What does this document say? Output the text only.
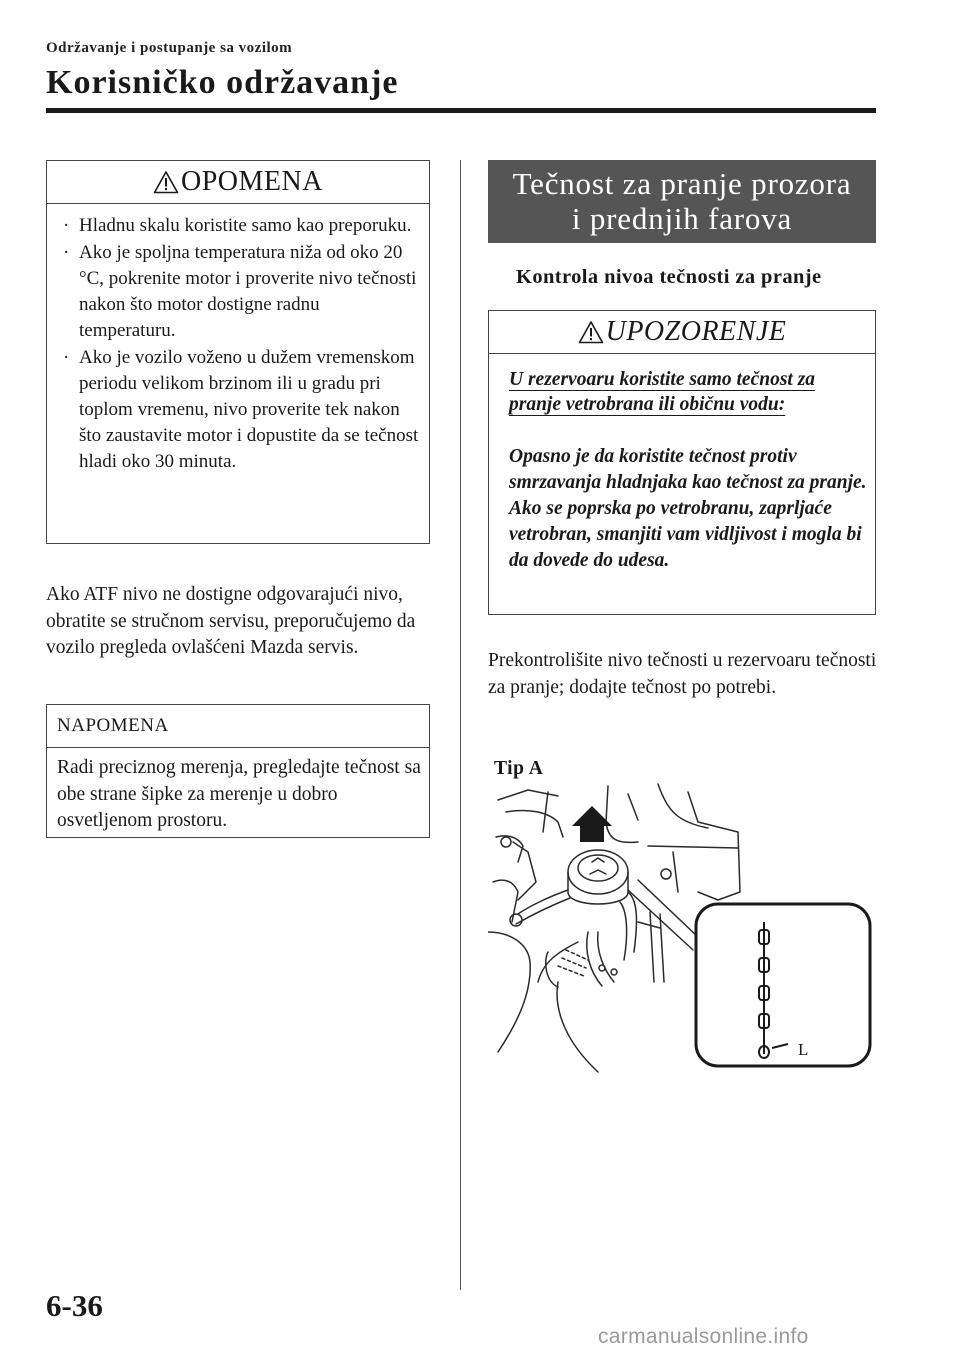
Održavanje i postupanje sa vozilom
Korisničko održavanje
OPOMENA
· Hladnu skalu koristite samo kao preporuku.
· Ako je spoljna temperatura niža od oko 20 °C, pokrenite motor i proverite nivo tečnosti nakon što motor dostigne radnu temperaturu.
· Ako je vozilo voženo u dužem vremenskom periodu velikom brzinom ili u gradu pri toplom vremenu, nivo proverite tek nakon što zaustavite motor i dopustite da se tečnost hladi oko 30 minuta.
Ako ATF nivo ne dostigne odgovarajući nivo, obratite se stručnom servisu, preporučujemo da vozilo pregleda ovlašćeni Mazda servis.
NAPOMENA
Radi preciznog merenja, pregledajte tečnost sa obe strane šipke za merenje u dobro osvetljenom prostoru.
Tečnost za pranje prozora
i prednjih farova
Kontrola nivoa tečnosti za pranje
UPOZORENJE
U rezervoaru koristite samo tečnost za pranje vetrobrana ili običnu vodu:
Opasno je da koristite tečnost protiv smrzavanja hladnjaka kao tečnost za pranje. Ako se poprska po vetrobranu, zaprljaće vetrobran, smanjiti vam vidljivost i mogla bi da dovede do udesa.
Prekontrolišite nivo tečnosti u rezervoaru tečnosti za pranje; dodajte tečnost po potrebi.
Tip A
L
6-36
carmanualsonline.info
